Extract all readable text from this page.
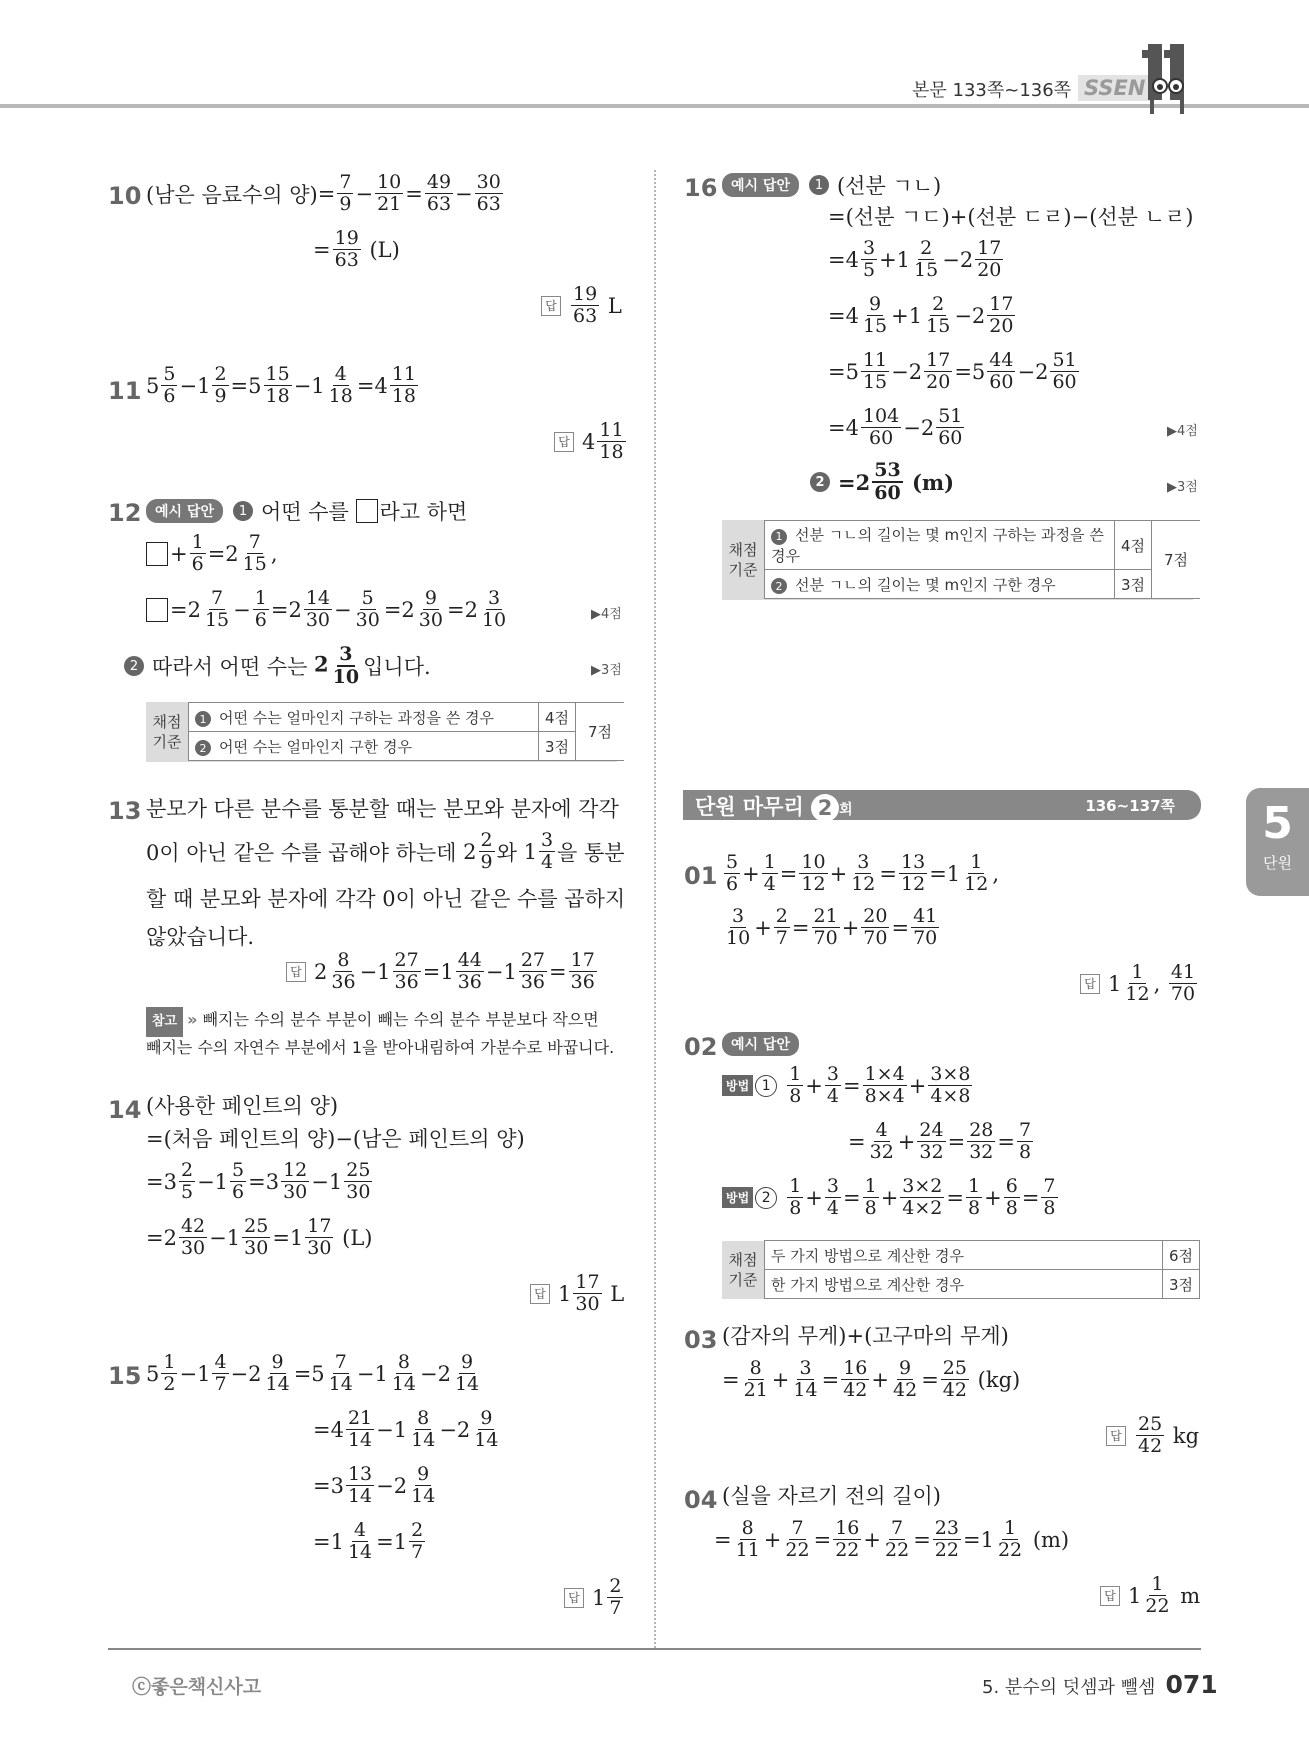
본문 133쪽~136쪽 SSEN
10 (남은 음료수의 양) = 7
9 − 10
21 = 49
63 − 30
63
= 19
63
(L)
답
19
63
L
11 5 5
6 −1 2
9 =5 15
18 −1 4
18 =4 11
18
답 4 11
18
12 예시 답안	1 어떤 수를
라고 하면
+ 1
6 =2 7
15 ,
=2 7
15 − 1
6 =2 14
30 − 5
30 =2 9
30 =2 3
10	▶4점
2 따라서 어떤 수는
$2 \frac{3}{10}$ 입니다.	▶3점
채점
기준	1 어떤 수는 얼마인지 구하는 과정을 쓴 경우	4점	7점
	2 어떤 수는 얼마인지 구한 경우	3점	
13 분모가 다른 분수를 통분할 때는 분모와 분자에 각각
0이 아닌 같은 수를 곱해야 하는데 2 2
9 와 1 3
4 을 통분
할 때 분모와 분자에 각각 0이 아닌 같은 수를 곱하지
않았습니다.
답 2 8
36 −1 27
36 =1 44
36 −1 27
36 = 17
36
참고 » 빼지는 수의 분수 부분이 빼는 수의 분수 부분보다 작으면
빼지는 수의 자연수 부분에서 1을 받아내림하여 가분수로 바꿉니다.
14 (사용한 페인트의 양)
=(처음 페인트의 양)−(남은 페인트의 양)
=3 2
5 −1 5
6 =3 12
30 −1 25
30
=2 42
30 −1 25
30 =1 17
30
(L)
답 1 17
30
L
15 5 1
2 −1 4
7 −2 9
14 =5 7
14 −1 8
14 −2 9
14
=4 21
14 −1 8
14 −2 9
14
=3 13
14 −2 9
14
=1 4
14 =1 2
7
답 1 2
7
16 예시 답안	1 (선분 ㄱㄴ)
=(선분 ㄱㄷ)+(선분 ㄷㄹ)−(선분 ㄴㄹ)
=4 3
5 +1 2
15 −2 17
20
=4 9
15 +1 2
15 −2 17
20
=5 11
15 −2 17
20 =5 44
60 −2 51
60
=4 104
60 −2 51
60	▶4점
2 =2 53
60
(m)	▶3점
채점
기준	1 선분 ㄱㄴ의 길이는 몇 m인지 구하는 과정을 쓴 경우	4점	7점
	2 선분 ㄱㄴ의 길이는 몇 m인지 구한 경우	3점	
단원 마무리 2 회	136~137쪽
01 5
6 + 1
4 = 10
12 + 3
12 = 13
12 =1 1
12 ,
3
10 + 2
7 = 21
70 + 20
70 = 41
70
답 1 1
12 , 41
70
02 예시 답안
방법 1
1
8 + 3
4 = 1×4
8×4 + 3×8
4×8
= 4
32 + 24
32 = 28
32 = 7
8
방법 2
1
8 + 3
4 = 1
8 + 3×2
4×2 = 1
8 + 6
8 = 7
8
채점
기준	두 가지 방법으로 계산한 경우	6점
	한 가지 방법으로 계산한 경우	3점
03 (감자의 무게)+(고구마의 무게)
= 8
21 + 3
14 = 16
42 + 9
42 = 25
42
(kg)
답
25
42
kg
04 (실을 자르기 전의 길이)
= 8
11 + 7
22 = 16
22 + 7
22 = 23
22 =1 1
22
(m)
답 1 1
22
m
5
단원
ⓒ좋은책신사고	5. 분수의 덧셈과 뺄셈 071
